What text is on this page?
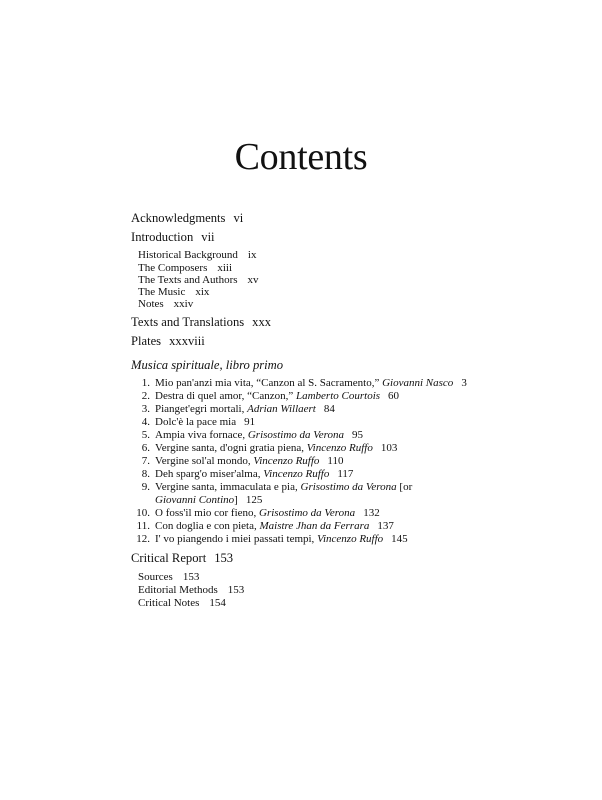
Contents
Acknowledgments vi
Introduction vii
Historical Background ix
The Composers xiii
The Texts and Authors xv
The Music xix
Notes xxiv
Texts and Translations xxx
Plates xxxviii
Musica spirituale, libro primo
1. Mio pan'anzi mia vita, “Canzon al S. Sacramento,” Giovanni Nasco 3
2. Destra di quel amor, “Canzon,” Lamberto Courtois 60
3. Pianget'egri mortali, Adrian Willaert 84
4. Dolc'è la pace mia 91
5. Ampia viva fornace, Grisostimo da Verona 95
6. Vergine santa, d'ogni gratia piena, Vincenzo Ruffo 103
7. Vergine sol'al mondo, Vincenzo Ruffo 110
8. Deh sparg'o miser'alma, Vincenzo Ruffo 117
9. Vergine santa, immaculata e pia, Grisostimo da Verona [or
Giovanni Contino] 125
10. O foss'il mio cor fieno, Grisostimo da Verona 132
11. Con doglia e con pieta, Maistre Jhan da Ferrara 137
12. I' vo piangendo i miei passati tempi, Vincenzo Ruffo 145
Critical Report 153
Sources 153
Editorial Methods 153
Critical Notes 154
